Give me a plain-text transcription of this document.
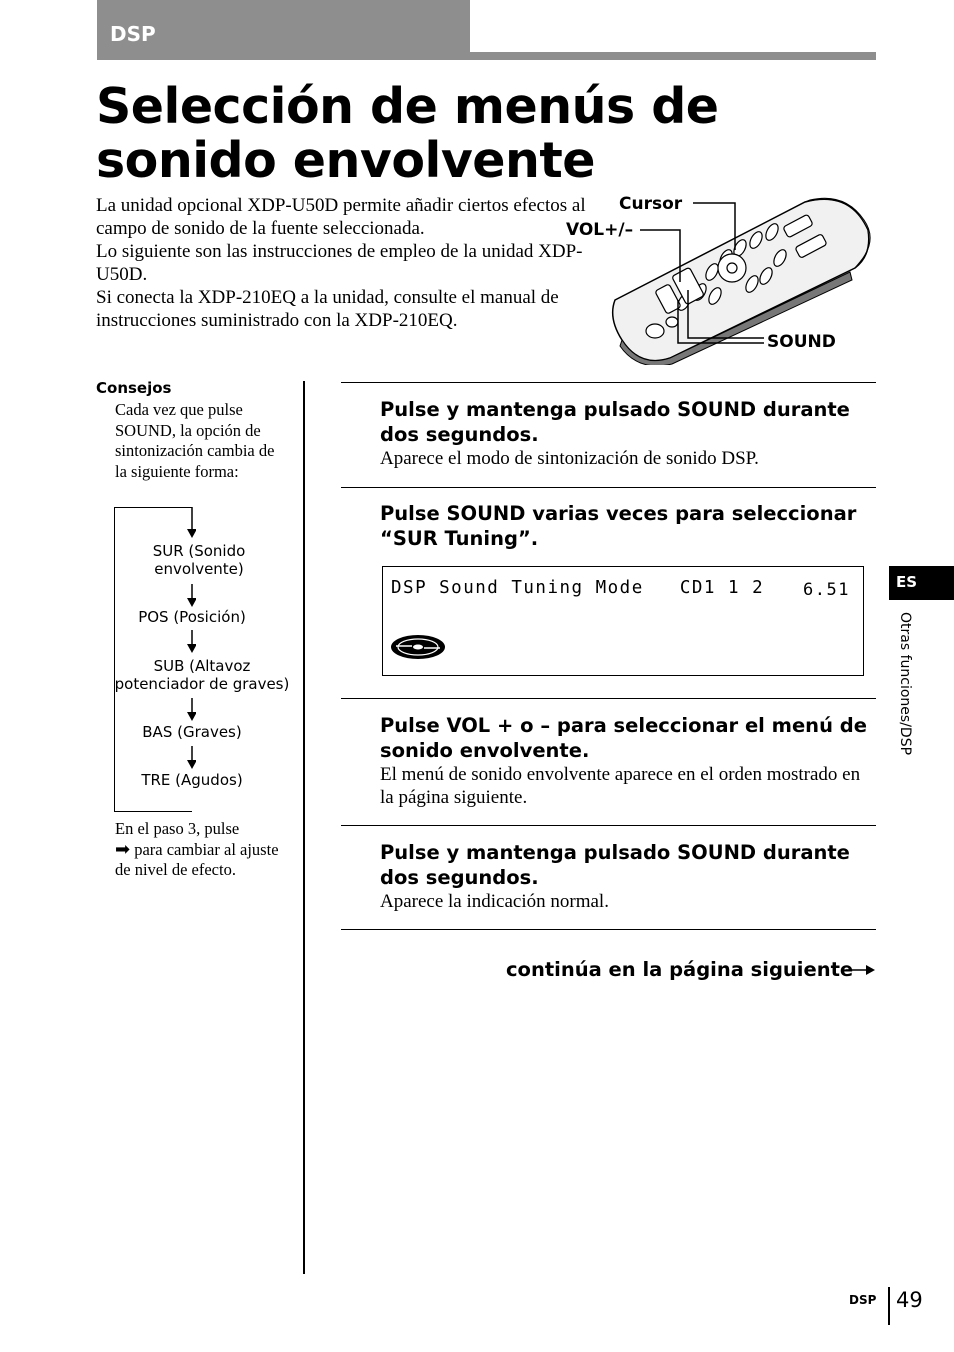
DSP
Selección de menús de sonido envolvente

La unidad opcional XDP-U50D permite añadir ciertos efectos al campo de sonido de la fuente seleccionada.

Lo siguiente son las instrucciones de empleo de la unidad XDP-U50D.

Si conecta la XDP-210EQ a la unidad, consulte el manual de instrucciones suministrado con la XDP-210EQ.

Cursor
VOL+/–
SOUND
Consejos
Cada vez que pulse SOUND, la opción de sintonización cambia de la siguiente forma:
SUR (Sonido envolvente)
POS (Posición)
SUB (Altavoz potenciador de graves)
BAS (Graves)
TRE (Agudos)
En el paso 3, pulse
➡ para cambiar al ajuste de nivel de efecto.
Pulse y mantenga pulsado SOUND durante dos segundos.
Aparece el modo de sintonización de sonido DSP.
Pulse SOUND varias veces para seleccionar “SUR Tuning”.
DSP Sound Tuning Mode   CD1 1 2 6.51
Pulse VOL + o – para seleccionar el menú de sonido envolvente.
El menú de sonido envolvente aparece en el orden mostrado en la página siguiente.
Pulse y mantenga pulsado SOUND durante dos segundos.
Aparece la indicación normal.
continúa en la página siguiente
ES
Otras funciones/DSP
DSP 49
